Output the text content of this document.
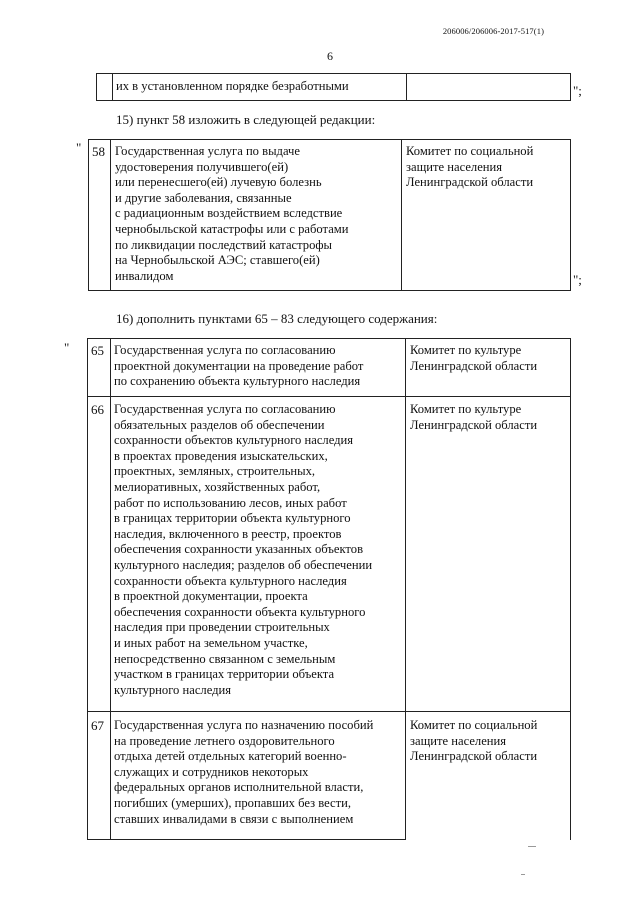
206006/206006-2017-517(1)
6
их в установленном порядке безработными	";
15) пункт 58 изложить в следующей редакции:
" 58 Государственная услуга по выдаче
удостоверения получившего(ей)
или перенесшего(ей) лучевую болезнь
и другие заболевания, связанные
с радиационным воздействием вследствие
чернобыльской катастрофы или с работами
по ликвидации последствий катастрофы
на Чернобыльской АЭС; ставшего(ей)
инвалидом
Комитет по социальной
защите населения
Ленинградской области
";
16) дополнить пунктами 65 – 83 следующего содержания:
" 65 Государственная услуга по согласованию
проектной документации на проведение работ
по сохранению объекта культурного наследия
Комитет по культуре
Ленинградской области
66 Государственная услуга по согласованию
обязательных разделов об обеспечении
сохранности объектов культурного наследия
в проектах проведения изыскательских,
проектных, земляных, строительных,
мелиоративных, хозяйственных работ,
работ по использованию лесов, иных работ
в границах территории объекта культурного
наследия, включенного в реестр, проектов
обеспечения сохранности указанных объектов
культурного наследия; разделов об обеспечении
сохранности объекта культурного наследия
в проектной документации, проекта
обеспечения сохранности объекта культурного
наследия при проведении строительных
и иных работ на земельном участке,
непосредственно связанном с земельным
участком в границах территории объекта
культурного наследия
Комитет по культуре
Ленинградской области
67 Государственная услуга по назначению пособий
на проведение летнего оздоровительного
отдыха детей отдельных категорий военно-
служащих и сотрудников некоторых
федеральных органов исполнительной власти,
погибших (умерших), пропавших без вести,
ставших инвалидами в связи с выполнением
Комитет по социальной
защите населения
Ленинградской области
